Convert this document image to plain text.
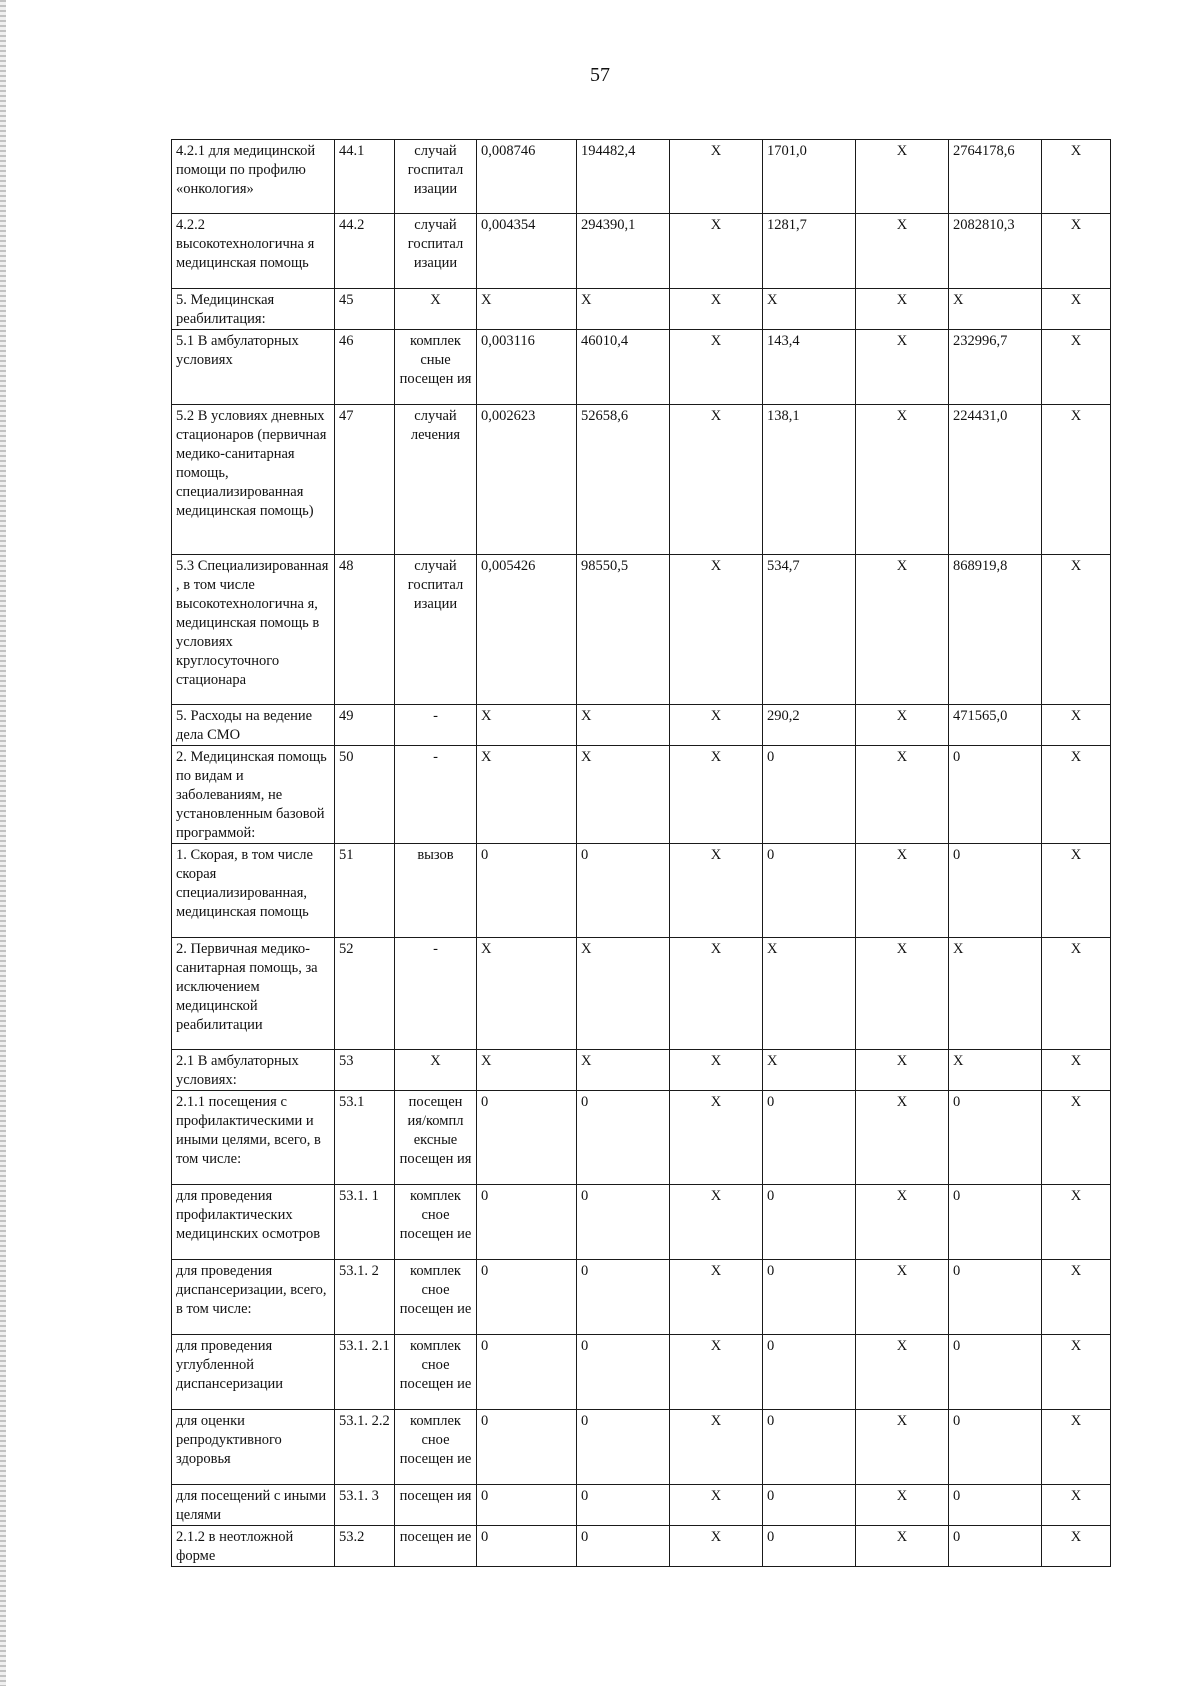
57
4.2.1 для медицинской помощи по профилю «онкология»	44.1	случай госпитал изации	0,008746	194482,4	Х	1701,0	Х	2764178,6	Х
4.2.2 высокотехнологична я медицинская помощь	44.2	случай госпитал изации	0,004354	294390,1	Х	1281,7	Х	2082810,3	Х
5. Медицинская реабилитация:	45	Х	Х	Х	Х	Х	Х	Х	Х
5.1 В амбулаторных условиях	46	комплек сные посещен ия	0,003116	46010,4	Х	143,4	Х	232996,7	Х
5.2 В условиях дневных стационаров (первичная медико-санитарная помощь, специализированная медицинская помощь)	47	случай лечения	0,002623	52658,6	Х	138,1	Х	224431,0	Х
5.3 Специализированная , в том числе высокотехнологична я, медицинская помощь в условиях круглосуточного стационара	48	случай госпитал изации	0,005426	98550,5	Х	534,7	Х	868919,8	Х
5. Расходы на ведение дела СМО	49	-	Х	Х	Х	290,2	Х	471565,0	Х
2. Медицинская помощь по видам и заболеваниям, не установленным базовой программой:	50	-	Х	Х	Х	0	Х	0	Х
1. Скорая, в том числе скорая специализированная, медицинская помощь	51	вызов	0	0	Х	0	Х	0	Х
2. Первичная медико-санитарная помощь, за исключением медицинской реабилитации	52	-	Х	Х	Х	Х	Х	Х	Х
2.1 В амбулаторных условиях:	53	Х	Х	Х	Х	Х	Х	Х	Х
2.1.1 посещения с профилактическими и иными целями, всего, в том числе:	53.1	посещен ия/компл ексные посещен ия	0	0	Х	0	Х	0	Х
для проведения профилактических медицинских осмотров	53.1. 1	комплек сное посещен ие	0	0	Х	0	Х	0	Х
для проведения диспансеризации, всего, в том числе:	53.1. 2	комплек сное посещен ие	0	0	Х	0	Х	0	Х
для проведения углубленной диспансеризации	53.1. 2.1	комплек сное посещен ие	0	0	Х	0	Х	0	Х
для оценки репродуктивного здоровья	53.1. 2.2	комплек сное посещен ие	0	0	Х	0	Х	0	Х
для посещений с иными целями	53.1. 3	посещен ия	0	0	Х	0	Х	0	Х
2.1.2 в неотложной форме	53.2	посещен ие	0	0	Х	0	Х	0	Х
